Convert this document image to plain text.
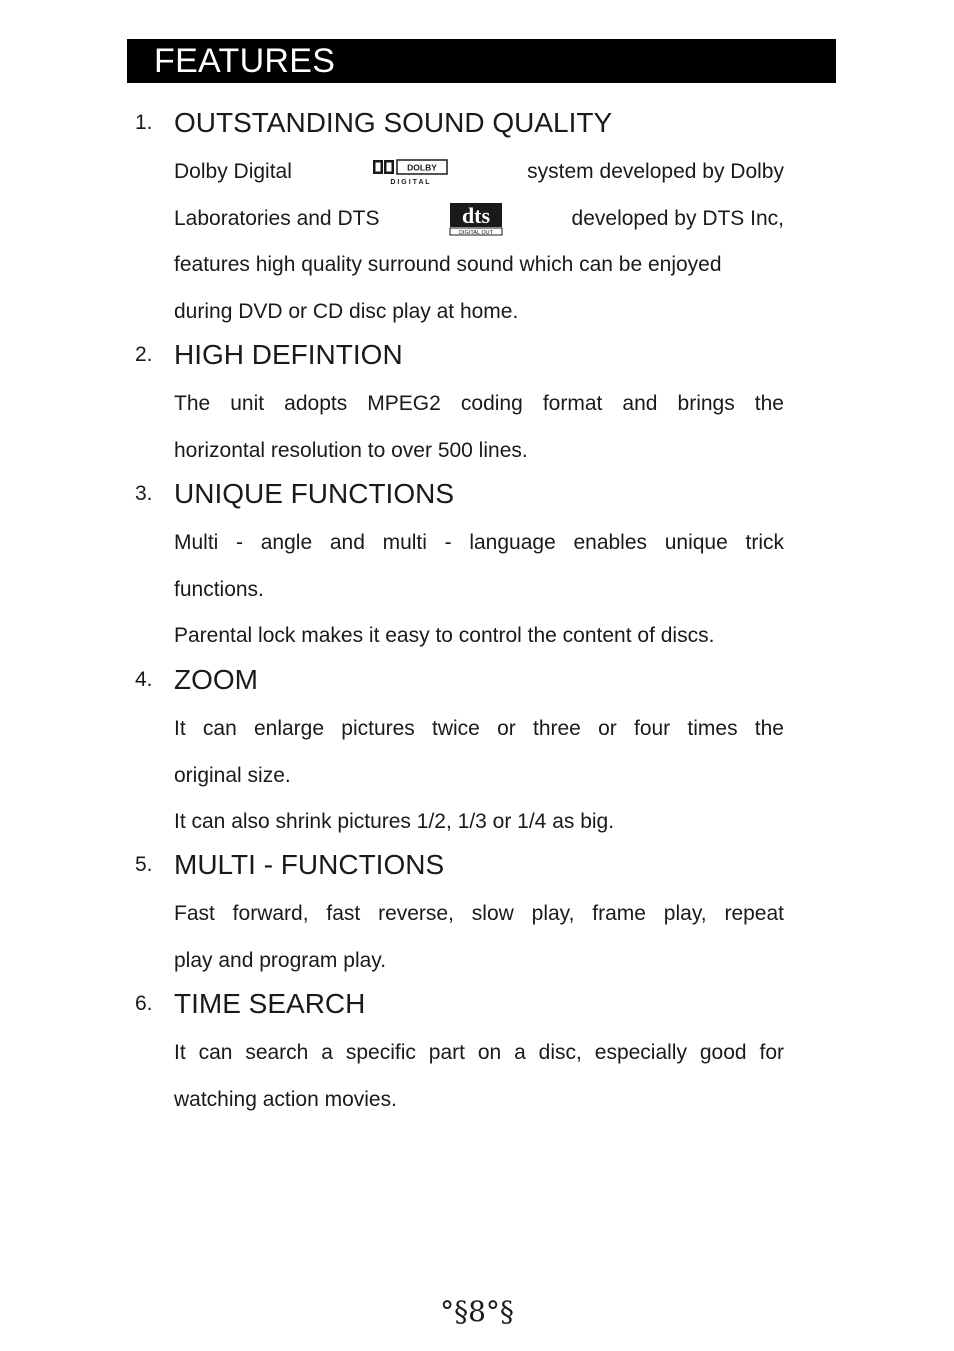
FEATURES
1. OUTSTANDING SOUND QUALITY
Dolby Digital	DOLBY
D I G I T A L	system developed by Dolby
Laboratories and DTS	dts
DIGITAL OUT
developed by DTS Inc,
features high quality surround sound which can be enjoyed
during DVD or CD disc play at home.
2. HIGH DEFINTION
The unit adopts MPEG2 coding format and brings the
horizontal resolution to over 500 lines.
3. UNIQUE FUNCTIONS
Multi - angle and multi - language enables unique trick
functions.
Parental lock makes it easy to control the content of discs.
4. ZOOM
It can enlarge pictures twice or three or four times the
original size.
It can also shrink pictures 1/2, 1/3 or 1/4 as big.
5. MULTI - FUNCTIONS
Fast forward, fast reverse, slow play, frame play, repeat
play and program play.
6. TIME SEARCH
It can search a specific part on a disc, especially good for
watching action movies.
°§8°§
